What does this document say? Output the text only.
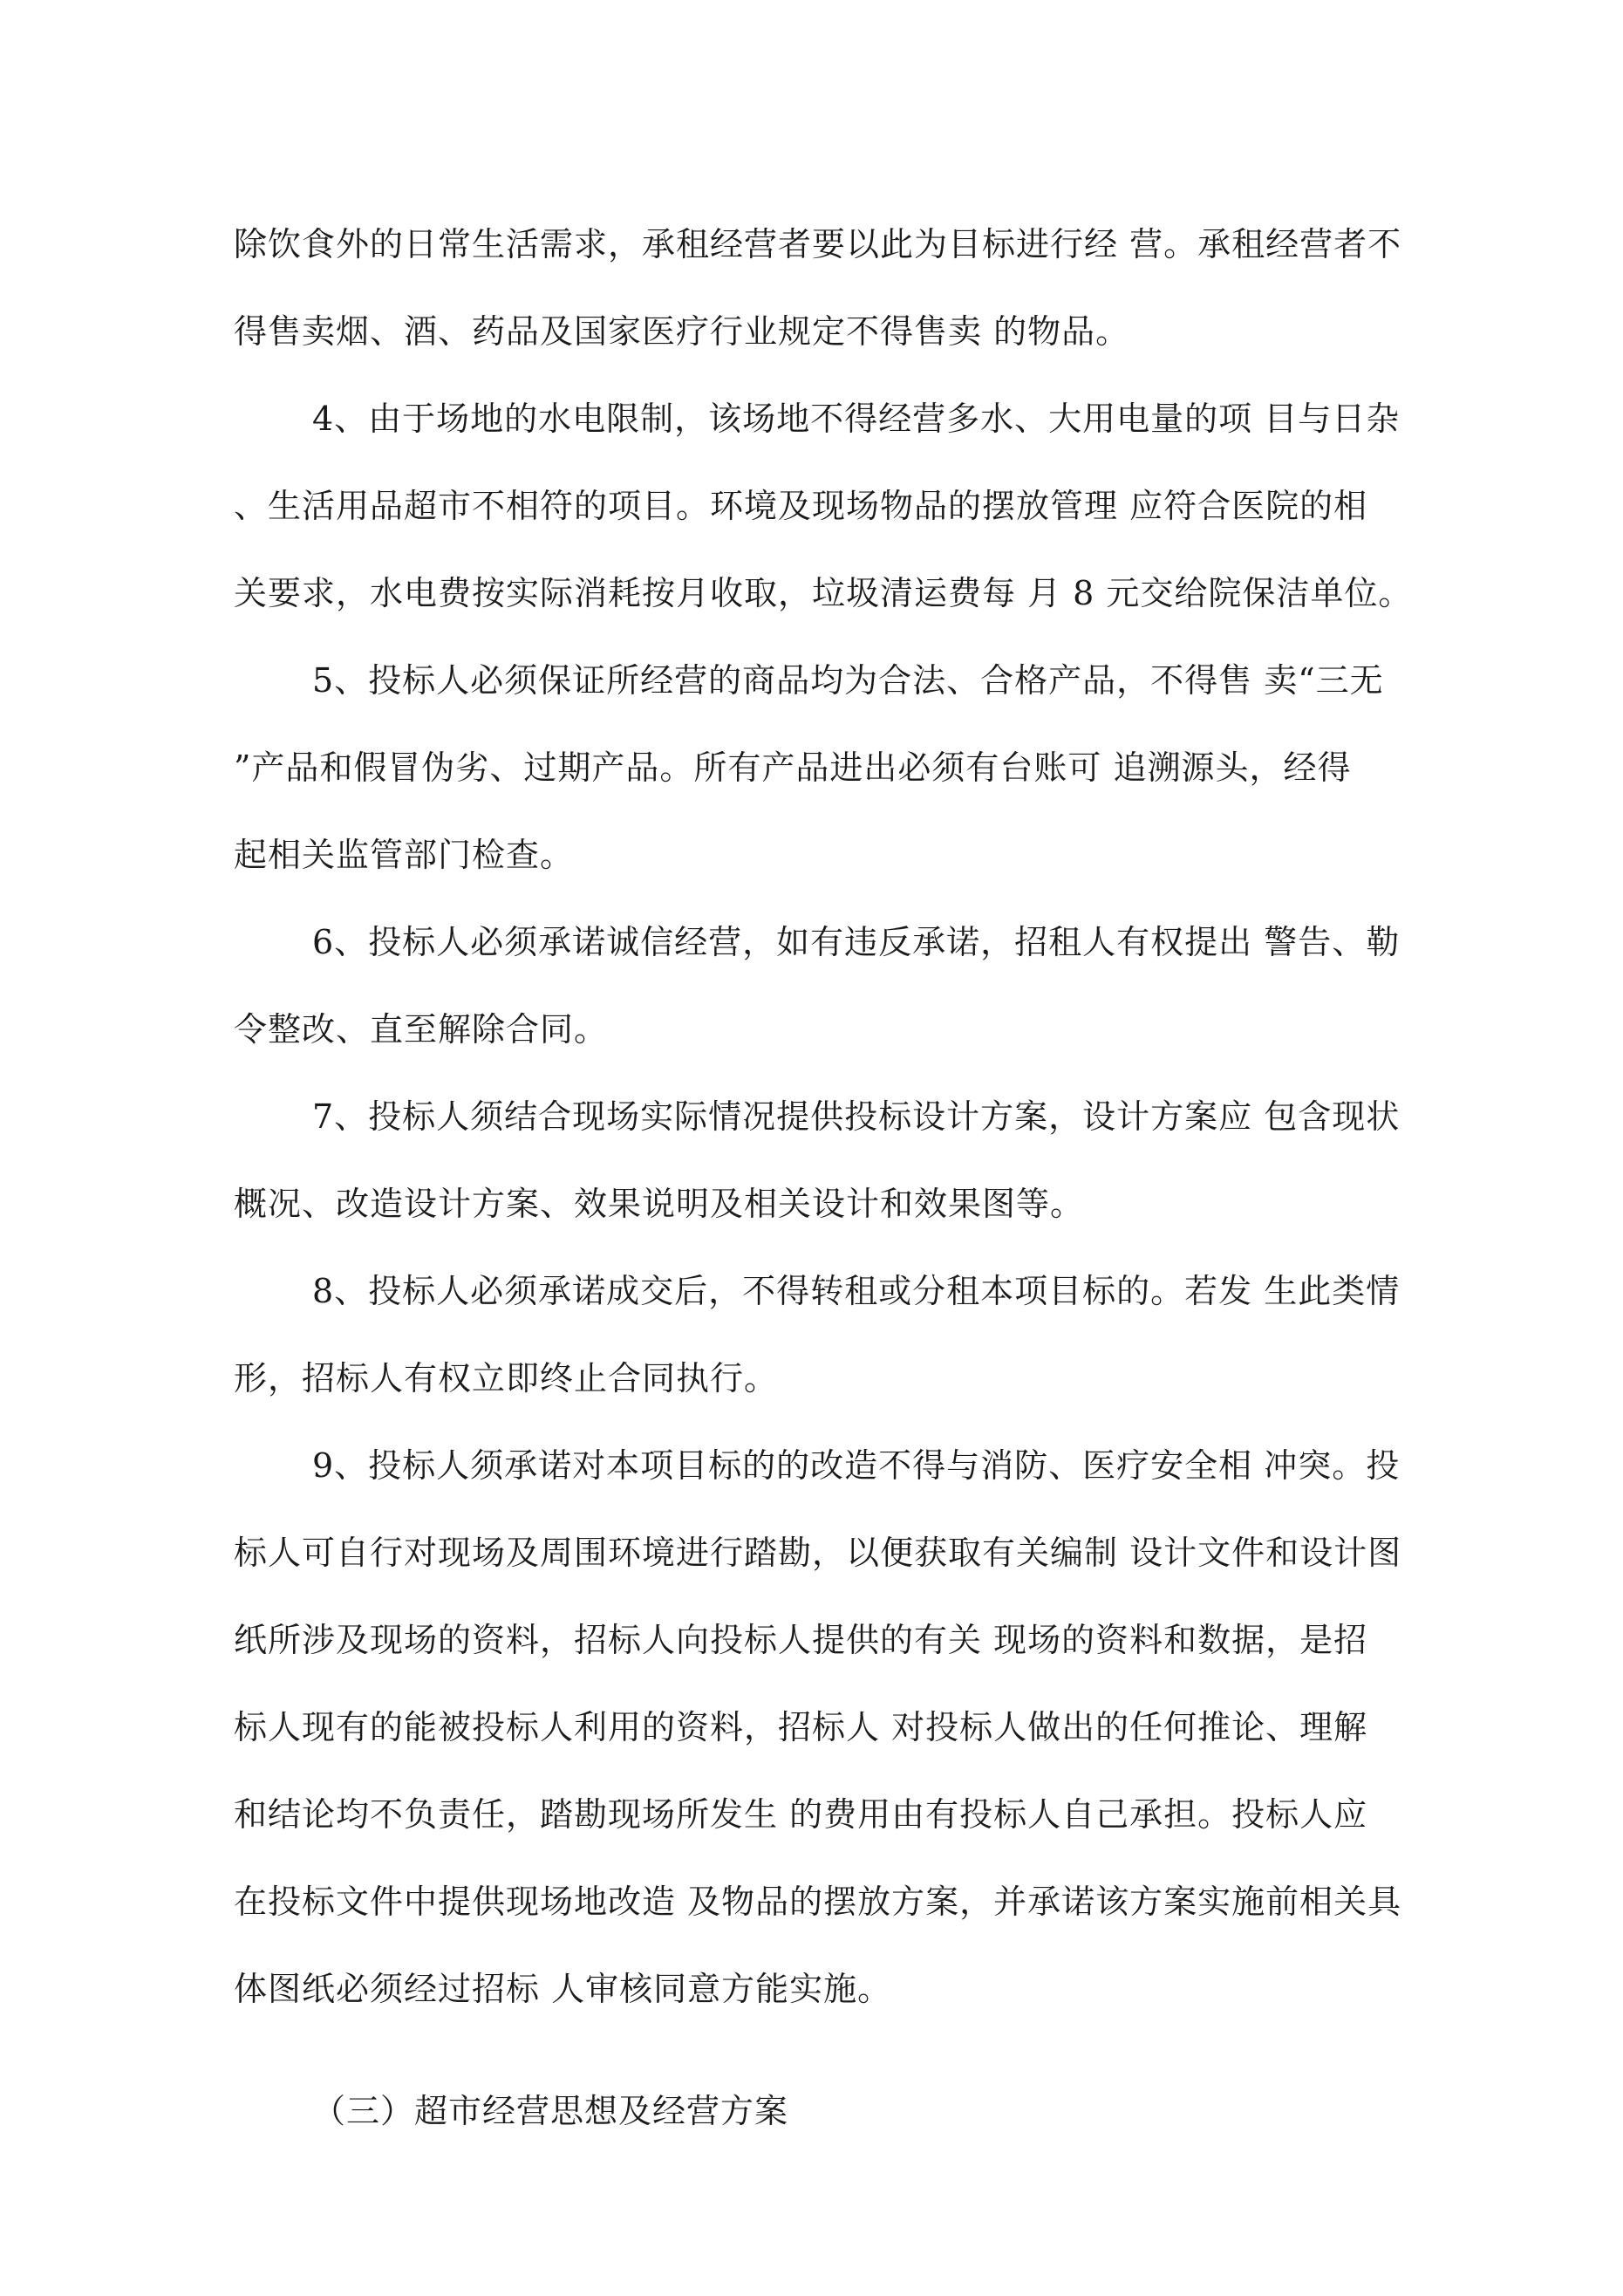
除饮食外的日常生活需求，承租经营者要以此为目标进行经 营。承租经营者不
得售卖烟、酒、药品及国家医疗行业规定不得售卖 的物品。
4、由于场地的水电限制，该场地不得经营多水、大用电量的项 目与日杂
、生活用品超市不相符的项目。环境及现场物品的摆放管理 应符合医院的相
关要求，水电费按实际消耗按月收取，垃圾清运费每 月 8 元交给院保洁单位。
5、投标人必须保证所经营的商品均为合法、合格产品，不得售 卖“三无
”产品和假冒伪劣、过期产品。所有产品进出必须有台账可 追溯源头，经得
起相关监管部门检查。
6、投标人必须承诺诚信经营，如有违反承诺，招租人有权提出 警告、勒
令整改、直至解除合同。
7、投标人须结合现场实际情况提供投标设计方案，设计方案应 包含现状
概况、改造设计方案、效果说明及相关设计和效果图等。
8、投标人必须承诺成交后，不得转租或分租本项目标的。若发 生此类情
形，招标人有权立即终止合同执行。
9、投标人须承诺对本项目标的的改造不得与消防、医疗安全相 冲突。投
标人可自行对现场及周围环境进行踏勘，以便获取有关编制 设计文件和设计图
纸所涉及现场的资料，招标人向投标人提供的有关 现场的资料和数据，是招
标人现有的能被投标人利用的资料，招标人 对投标人做出的任何推论、理解
和结论均不负责任，踏勘现场所发生 的费用由有投标人自己承担。投标人应
在投标文件中提供现场地改造 及物品的摆放方案，并承诺该方案实施前相关具
体图纸必须经过招标 人审核同意方能实施。
（三）超市经营思想及经营方案
